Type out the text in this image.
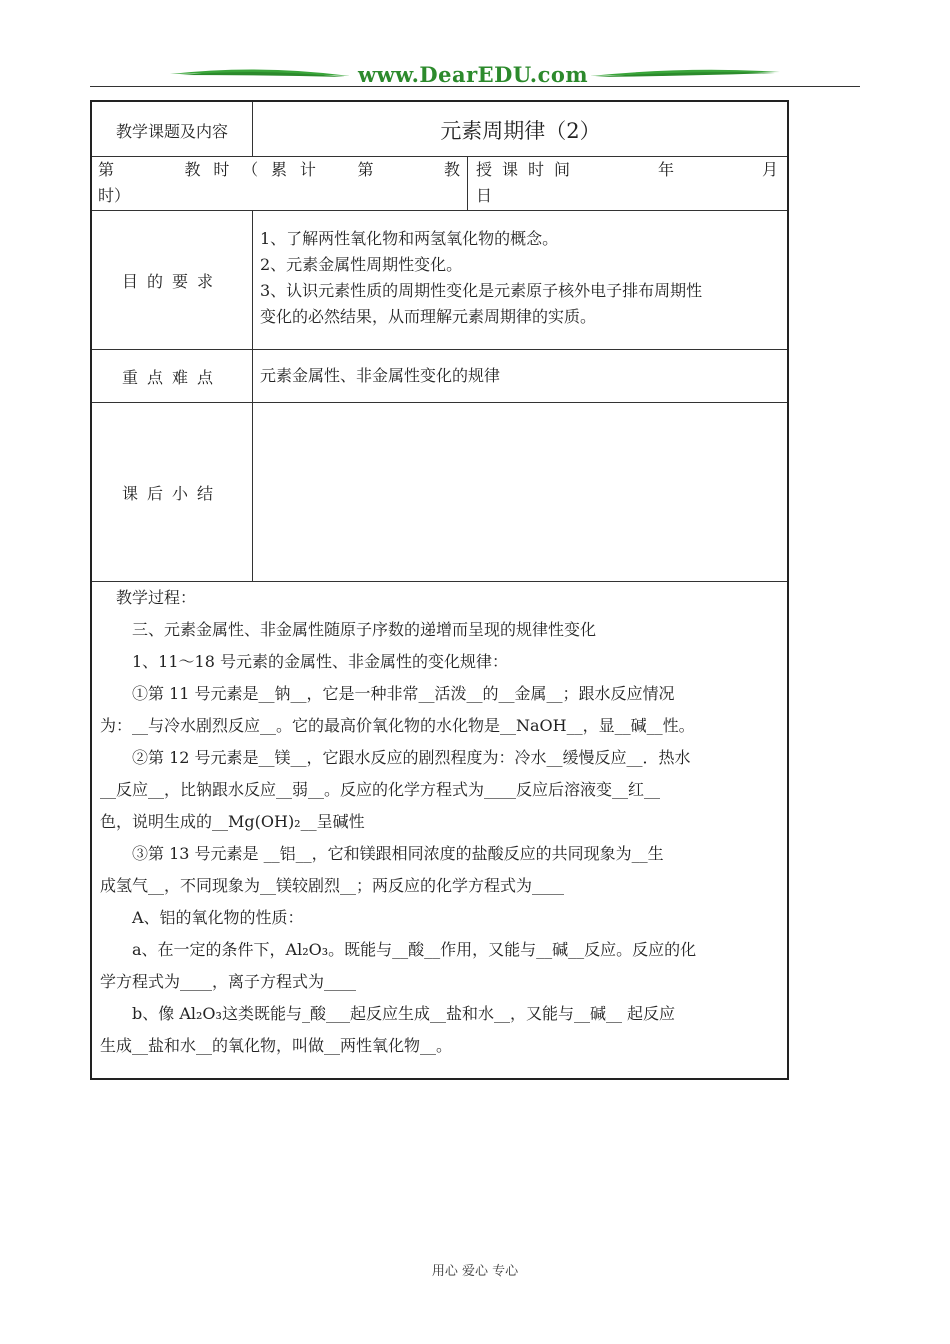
www.DearEDU.com
教学课题及内容	元素周期律（2）
第　　教时（累计　第　　教
时）
授课时间　　　年　　　月
日
目的要求
1、了解两性氧化物和两氢氧化物的概念。
2、元素金属性周期性变化。
3、认识元素性质的周期性变化是元素原子核外电子排布周期性
变化的必然结果，从而理解元素周期律的实质。
重点难点	元素金属性、非金属性变化的规律
课后小结
　教学过程：
　　三、元素金属性、非金属性随原子序数的递增而呈现的规律性变化
　　1、11～18 号元素的金属性、非金属性的变化规律：
　　①第 11 号元素是__钠__，它是一种非常__活泼__的__金属__；跟水反应情况
为：__与冷水剧烈反应__。它的最高价氧化物的水化物是__NaOH__，显__碱__性。
　　②第 12 号元素是__镁__，它跟水反应的剧烈程度为：冷水__缓慢反应__．热水
__反应__，比钠跟水反应__弱__。反应的化学方程式为____反应后溶液变__红__
色，说明生成的__Mg(OH)₂__呈碱性
　　③第 13 号元素是 __铝__，它和镁跟相同浓度的盐酸反应的共同现象为__生
成氢气__，不同现象为__镁较剧烈__；两反应的化学方程式为____
　　A、铝的氧化物的性质：
　　a、在一定的条件下，Al₂O₃。既能与__酸__作用，又能与__碱__反应。反应的化
学方程式为____，离子方程式为____
　　b、像 Al₂O₃这类既能与_酸___起反应生成__盐和水__，又能与__碱__ 起反应
生成__盐和水__的氧化物，叫做__两性氧化物__。
用心 爱心 专心
